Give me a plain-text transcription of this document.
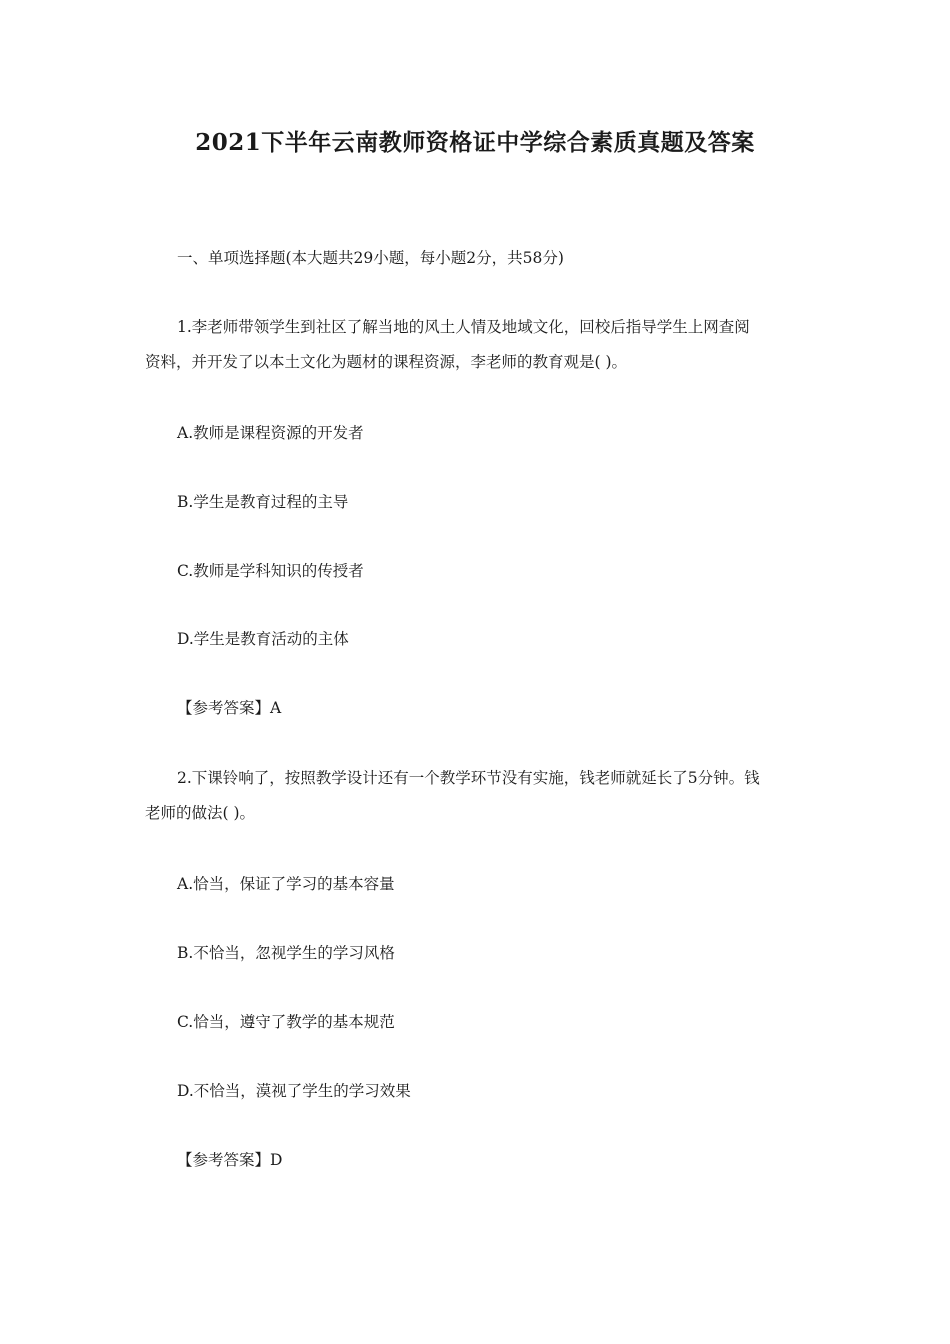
2021下半年云南教师资格证中学综合素质真题及答案

一、单项选择题(本大题共29小题，每小题2分，共58分)

1.李老师带领学生到社区了解当地的风土人情及地域文化，回校后指导学生上网查阅

资料，并开发了以本土文化为题材的课程资源，李老师的教育观是( )。

A.教师是课程资源的开发者

B.学生是教育过程的主导

C.教师是学科知识的传授者

D.学生是教育活动的主体

【参考答案】A

2.下课铃响了，按照教学设计还有一个教学环节没有实施，钱老师就延长了5分钟。钱

老师的做法( )。

A.恰当，保证了学习的基本容量

B.不恰当，忽视学生的学习风格

C.恰当，遵守了教学的基本规范

D.不恰当，漠视了学生的学习效果

【参考答案】D
